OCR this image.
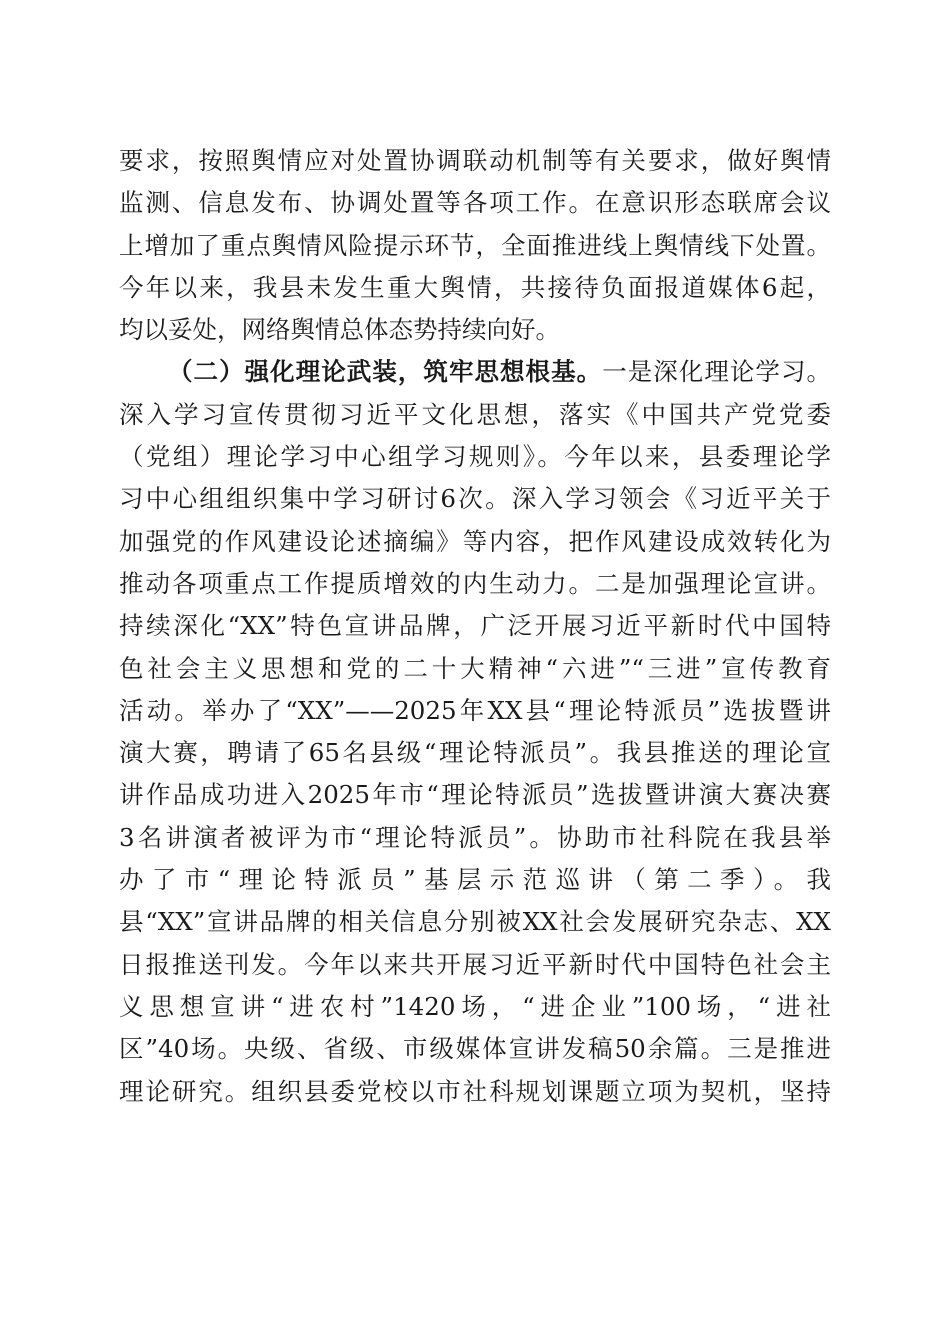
要求，按照舆情应对处置协调联动机制等有关要求，做好舆情
监测、信息发布、协调处置等各项工作。在意识形态联席会议
上增加了重点舆情风险提示环节，全面推进线上舆情线下处置。
今年以来，我县未发生重大舆情，共接待负面报道媒体6起，
均以妥处，网络舆情总体态势持续向好。
（二）强化理论武装，筑牢思想根基。一是深化理论学习。
深入学习宣传贯彻习近平文化思想，落实《中国共产党党委
（党组）理论学习中心组学习规则》。今年以来，县委理论学
习中心组组织集中学习研讨6次。深入学习领会《习近平关于
加强党的作风建设论述摘编》等内容，把作风建设成效转化为
推动各项重点工作提质增效的内生动力。二是加强理论宣讲。
持续深化“XX”特色宣讲品牌，广泛开展习近平新时代中国特
色社会主义思想和党的二十大精神“六进”“三进”宣传教育
活动。举办了“XX”——2025年XX县“理论特派员”选拔暨讲
演大赛，聘请了65名县级“理论特派员”。我县推送的理论宣
讲作品成功进入2025年市“理论特派员”选拔暨讲演大赛决赛
3名讲演者被评为市“理论特派员”。协助市社科院在我县举
办了市“理论特派员”基层示范巡讲（第二季）。我
县“XX”宣讲品牌的相关信息分别被XX社会发展研究杂志、XX
日报推送刊发。今年以来共开展习近平新时代中国特色社会主
义思想宣讲“进农村”1420场，“进企业”100场，“进社
区”40场。央级、省级、市级媒体宣讲发稿50余篇。三是推进
理论研究。组织县委党校以市社科规划课题立项为契机，坚持
